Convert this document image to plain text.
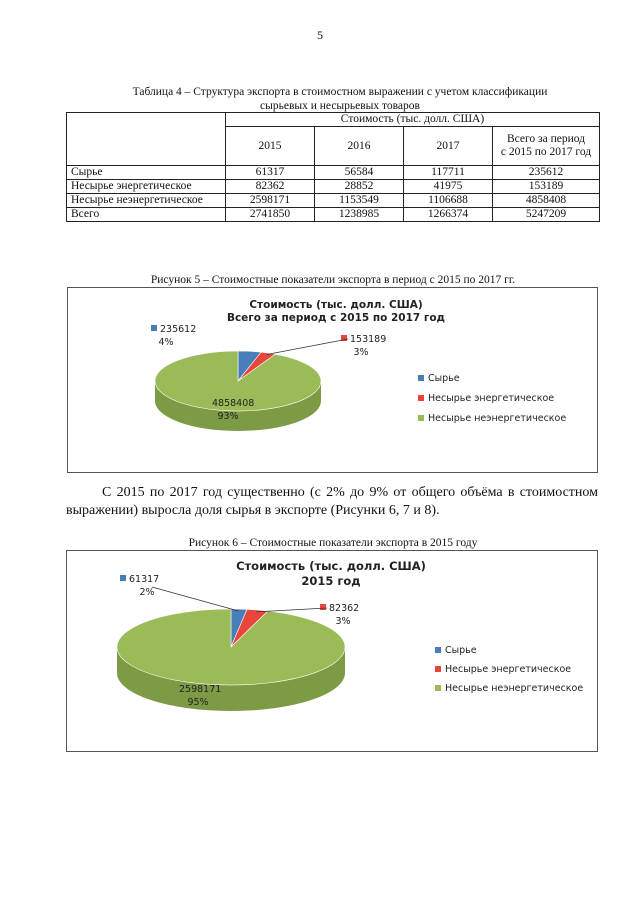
5
Таблица 4 – Структура экспорта в стоимостном выражении с учетом классификации
сырьевых и несырьевых товаров
	Стоимость (тыс. долл. США)			
	2015	2016	2017	Всего за период
с 2015 по 2017 год

Сырье	61317	56584	117711	235612
Несырье энергетическое	82362	28852	41975	153189
Несырье неэнергетическое	2598171	1153549	1106688	4858408
Всего	2741850	1238985	1266374	5247209
Рисунок 5 – Стоимостные показатели экспорта в период с 2015 по 2017 гг.
Стоимость (тыс. долл. США)
Всего за период с 2015 по 2017 год
235612
4%	153189
3%
4858408
93%
Сырье
Несырье энергетическое
Несырье неэнергетическое
С 2015 по 2017 год существенно (с 2% до 9% от общего объёма в стоимостном выражении) выросла доля сырья в экспорте (Рисунки 6, 7 и 8).
Рисунок 6 – Стоимостные показатели экспорта в 2015 году
Стоимость (тыс. долл. США)
2015 год
61317
2%
82362
3%
2598171
95%
Сырье
Несырье энергетическое
Несырье неэнергетическое
